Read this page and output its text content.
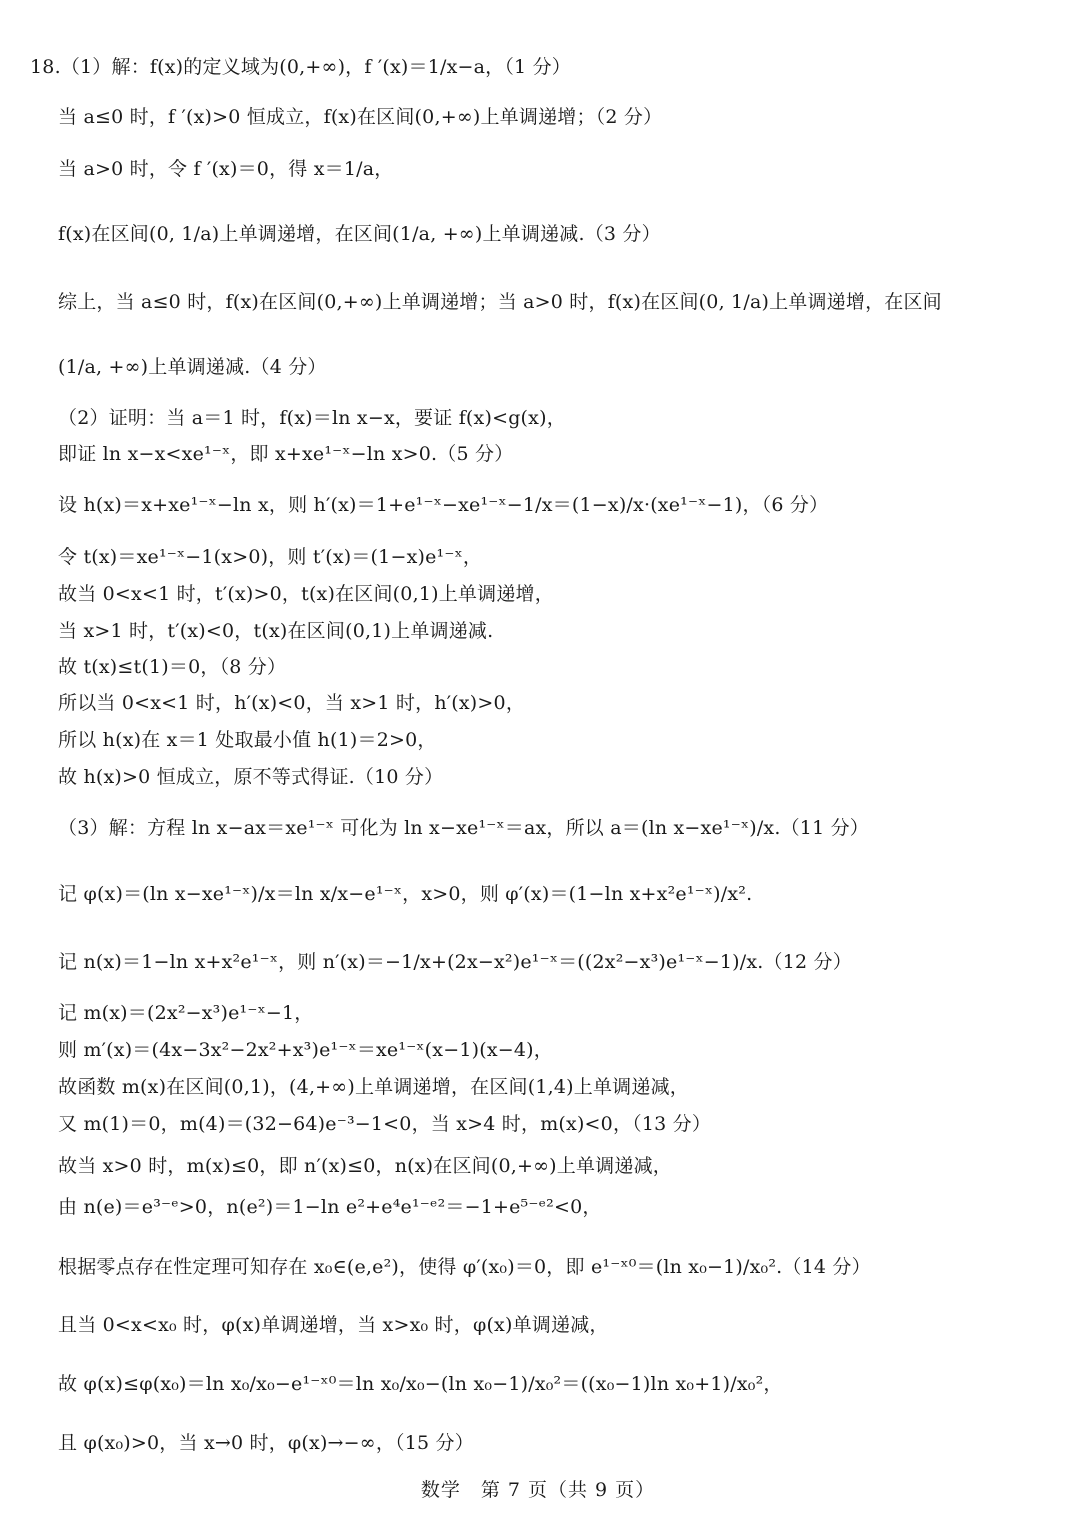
18.（1）解：f(x)的定义域为(0,+∞)，f ′(x)＝1/x−a，（1 分）
当 a≤0 时，f ′(x)>0 恒成立，f(x)在区间(0,+∞)上单调递增；（2 分）
当 a>0 时，令 f ′(x)＝0，得 x＝1/a，
f(x)在区间(0, 1/a)上单调递增，在区间(1/a, +∞)上单调递减.（3 分）
综上，当 a≤0 时，f(x)在区间(0,+∞)上单调递增；当 a>0 时，f(x)在区间(0, 1/a)上单调递增，在区间
(1/a, +∞)上单调递减.（4 分）
（2）证明：当 a＝1 时，f(x)＝ln x−x，要证 f(x)<g(x)，
即证 ln x−x<xe¹⁻ˣ，即 x+xe¹⁻ˣ−ln x>0.（5 分）
设 h(x)＝x+xe¹⁻ˣ−ln x，则 h′(x)＝1+e¹⁻ˣ−xe¹⁻ˣ−1/x＝(1−x)/x·(xe¹⁻ˣ−1)，（6 分）
令 t(x)＝xe¹⁻ˣ−1(x>0)，则 t′(x)＝(1−x)e¹⁻ˣ，
故当 0<x<1 时，t′(x)>0，t(x)在区间(0,1)上单调递增，
当 x>1 时，t′(x)<0，t(x)在区间(0,1)上单调递减.
故 t(x)≤t(1)＝0，（8 分）
所以当 0<x<1 时，h′(x)<0，当 x>1 时，h′(x)>0，
所以 h(x)在 x＝1 处取最小值 h(1)＝2>0，
故 h(x)>0 恒成立，原不等式得证.（10 分）
（3）解：方程 ln x−ax＝xe¹⁻ˣ 可化为 ln x−xe¹⁻ˣ＝ax，所以 a＝(ln x−xe¹⁻ˣ)/x.（11 分）
记 φ(x)＝(ln x−xe¹⁻ˣ)/x＝ln x/x−e¹⁻ˣ，x>0，则 φ′(x)＝(1−ln x+x²e¹⁻ˣ)/x².
记 n(x)＝1−ln x+x²e¹⁻ˣ，则 n′(x)＝−1/x+(2x−x²)e¹⁻ˣ＝((2x²−x³)e¹⁻ˣ−1)/x.（12 分）
记 m(x)＝(2x²−x³)e¹⁻ˣ−1，
则 m′(x)＝(4x−3x²−2x²+x³)e¹⁻ˣ＝xe¹⁻ˣ(x−1)(x−4)，
故函数 m(x)在区间(0,1)，(4,+∞)上单调递增，在区间(1,4)上单调递减，
又 m(1)＝0，m(4)＝(32−64)e⁻³−1<0，当 x>4 时，m(x)<0，（13 分）
故当 x>0 时，m(x)≤0，即 n′(x)≤0，n(x)在区间(0,+∞)上单调递减，
由 n(e)＝e³⁻ᵉ>0，n(e²)＝1−ln e²+e⁴e¹⁻ᵉ²＝−1+e⁵⁻ᵉ²<0，
根据零点存在性定理可知存在 x₀∈(e,e²)，使得 φ′(x₀)＝0，即 e¹⁻ˣ⁰＝(ln x₀−1)/x₀².（14 分）
且当 0<x<x₀ 时，φ(x)单调递增，当 x>x₀ 时，φ(x)单调递减，
故 φ(x)≤φ(x₀)＝ln x₀/x₀−e¹⁻ˣ⁰＝ln x₀/x₀−(ln x₀−1)/x₀²＝((x₀−1)ln x₀+1)/x₀²，
且 φ(x₀)>0，当 x→0 时，φ(x)→−∞，（15 分）
数学　第 7 页（共 9 页）
